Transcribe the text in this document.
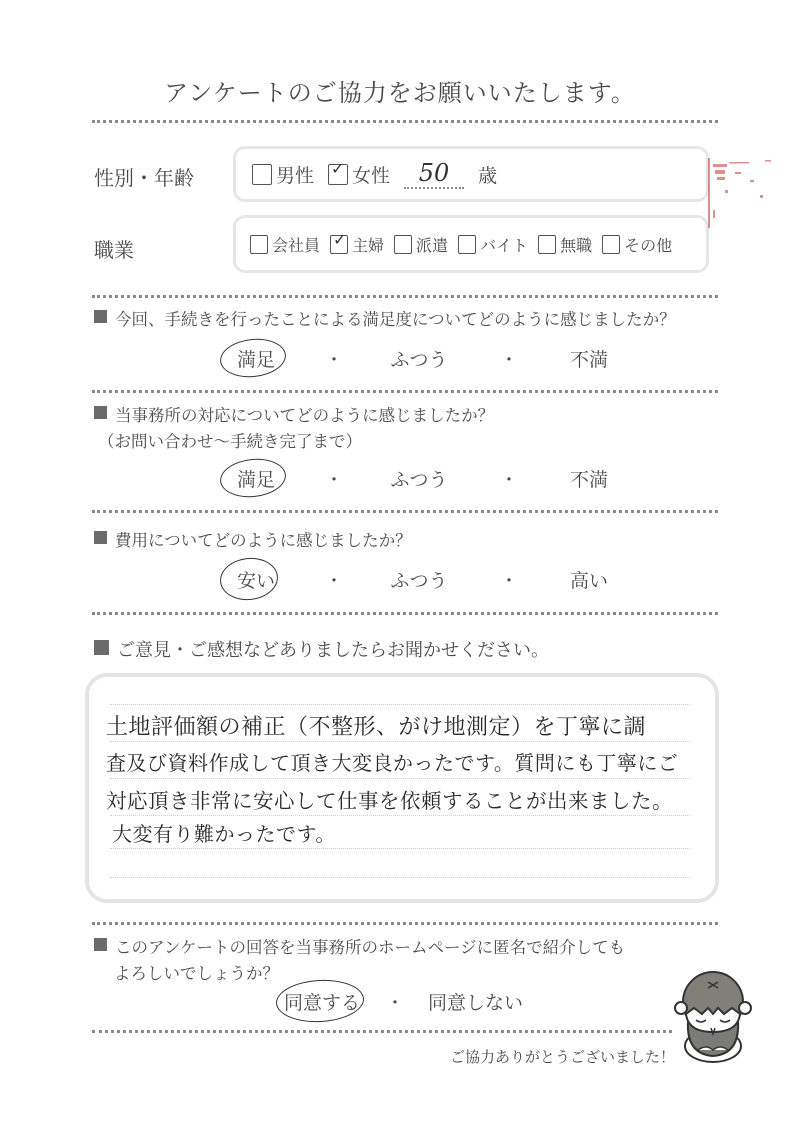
アンケートのご協力をお願いいたします。
性別・年齢	男性 ✓ 女性	50	歳
職業	会社員 ✓ 主婦 派遣 バイト 無職 その他
今回、手続きを行ったことによる満足度についてどのように感じましたか？
満足	・	ふつう	・	不満
当事務所の対応についてどのように感じましたか？
（お問い合わせ〜手続き完了まで）
満足	・	ふつう	・	不満
費用についてどのように感じましたか？
安い	・	ふつう	・	高い
ご意見・ご感想などありましたらお聞かせください。
土地評価額の補正（不整形、がけ地測定）を丁寧に調
査及び資料作成して頂き大変良かったです。質問にも丁寧にご
対応頂き非常に安心して仕事を依頼することが出来ました。
大変有り難かったです。
このアンケートの回答を当事務所のホームページに匿名で紹介しても
よろしいでしょうか？
同意する	・	同意しない
ご協力ありがとうございました！
